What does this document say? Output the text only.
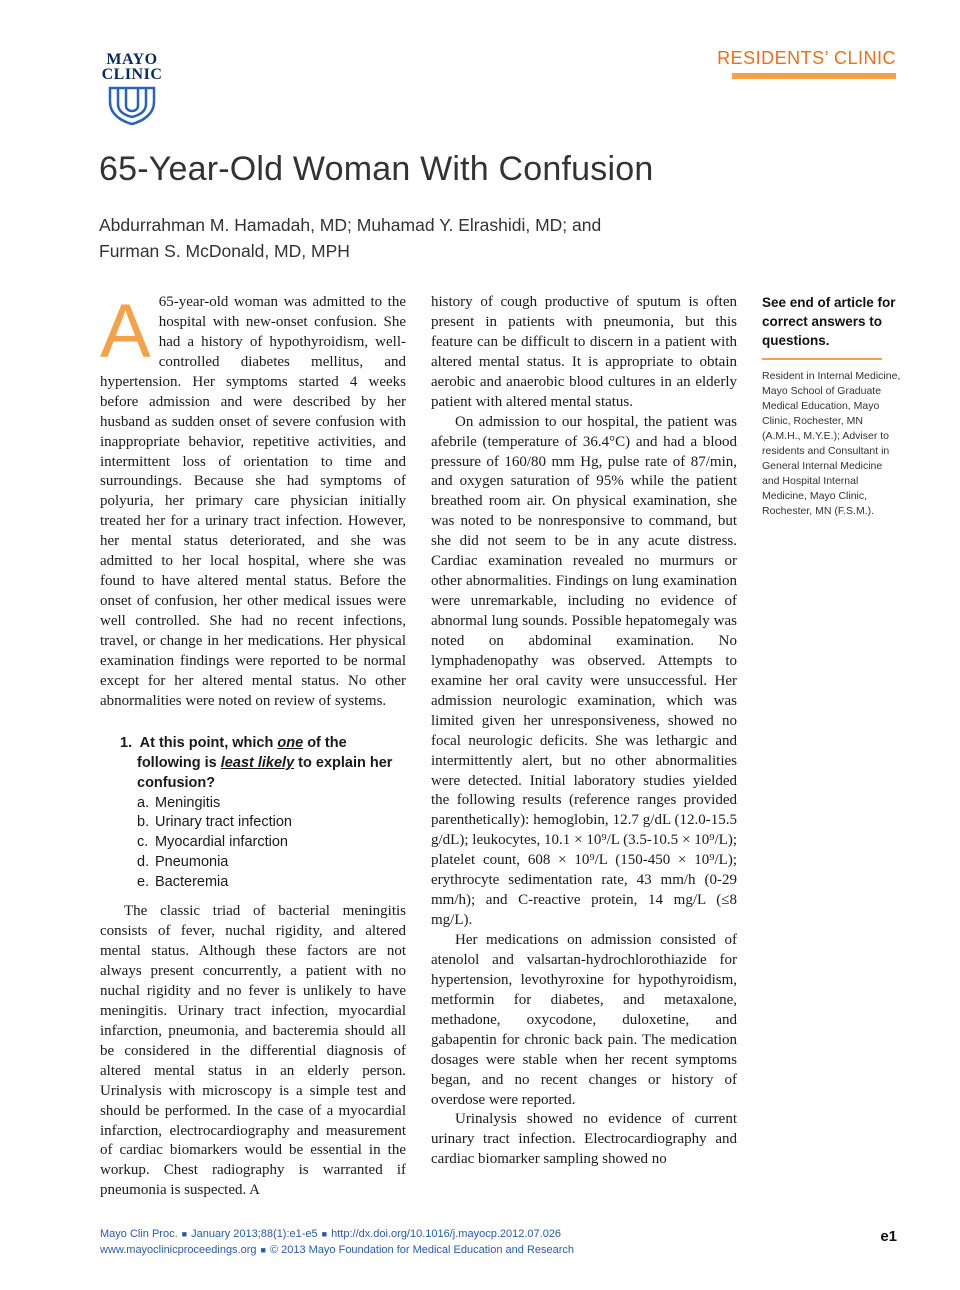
MAYO
CLINIC
RESIDENTS’ CLINIC
65-Year-Old Woman With Confusion
Abdurrahman M. Hamadah, MD; Muhamad Y. Elrashidi, MD; and
Furman S. McDonald, MD, MPH

A 65-year-old woman was admitted to the hospital with new-onset confusion. She had a history of hypothyroidism, well-controlled diabetes mellitus, and hypertension. Her symptoms started 4 weeks before admission and were described by her husband as sudden onset of severe confusion with inappropriate behavior, repetitive activities, and intermittent loss of orientation to time and surroundings. Because she had symptoms of polyuria, her primary care physician initially treated her for a urinary tract infection. However, her mental status deteriorated, and she was admitted to her local hospital, where she was found to have altered mental status. Before the onset of confusion, her other medical issues were well controlled. She had no recent infections, travel, or change in her medications. Her physical examination findings were reported to be normal except for her altered mental status. No other abnormalities were noted on review of systems.

1. At this point, which one of the following is least likely to explain her confusion?
a. Meningitis
b. Urinary tract infection
c. Myocardial infarction
d. Pneumonia
e. Bacteremia

The classic triad of bacterial meningitis consists of fever, nuchal rigidity, and altered mental status. Although these factors are not always present concurrently, a patient with no nuchal rigidity and no fever is unlikely to have meningitis. Urinary tract infection, myocardial infarction, pneumonia, and bacteremia should all be considered in the differential diagnosis of altered mental status in an elderly person. Urinalysis with microscopy is a simple test and should be performed. In the case of a myocardial infarction, electrocardiography and measurement of cardiac biomarkers would be essential in the workup. Chest radiography is warranted if pneumonia is suspected. A

history of cough productive of sputum is often present in patients with pneumonia, but this feature can be difficult to discern in a patient with altered mental status. It is appropriate to obtain aerobic and anaerobic blood cultures in an elderly patient with altered mental status.

On admission to our hospital, the patient was afebrile (temperature of 36.4°C) and had a blood pressure of 160/80 mm Hg, pulse rate of 87/min, and oxygen saturation of 95% while the patient breathed room air. On physical examination, she was noted to be nonresponsive to command, but she did not seem to be in any acute distress. Cardiac examination revealed no murmurs or other abnormalities. Findings on lung examination were unremarkable, including no evidence of abnormal lung sounds. Possible hepatomegaly was noted on abdominal examination. No lymphadenopathy was observed. Attempts to examine her oral cavity were unsuccessful. Her admission neurologic examination, which was limited given her unresponsiveness, showed no focal neurologic deficits. She was lethargic and intermittently alert, but no other abnormalities were detected. Initial laboratory studies yielded the following results (reference ranges provided parenthetically): hemoglobin, 12.7 g/dL (12.0-15.5 g/dL); leukocytes, 10.1 × 10⁹/L (3.5-10.5 × 10⁹/L); platelet count, 608 × 10⁹/L (150-450 × 10⁹/L); erythrocyte sedimentation rate, 43 mm/h (0-29 mm/h); and C-reactive protein, 14 mg/L (≤8 mg/L).

Her medications on admission consisted of atenolol and valsartan-hydrochlorothiazide for hypertension, levothyroxine for hypothyroidism, metformin for diabetes, and metaxalone, methadone, oxycodone, duloxetine, and gabapentin for chronic back pain. The medication dosages were stable when her recent symptoms began, and no recent changes or history of overdose were reported.

Urinalysis showed no evidence of current urinary tract infection. Electrocardiography and cardiac biomarker sampling showed no

See end of article for correct answers to questions.
Resident in Internal Medicine, Mayo School of Graduate Medical Education, Mayo Clinic, Rochester, MN (A.M.H., M.Y.E.); Adviser to residents and Consultant in General Internal Medicine and Hospital Internal Medicine, Mayo Clinic, Rochester, MN (F.S.M.).
Mayo Clin Proc. ■ January 2013;88(1):e1-e5 ■ http://dx.doi.org/10.1016/j.mayocp.2012.07.026
www.mayoclinicproceedings.org ■ © 2013 Mayo Foundation for Medical Education and Research
e1
